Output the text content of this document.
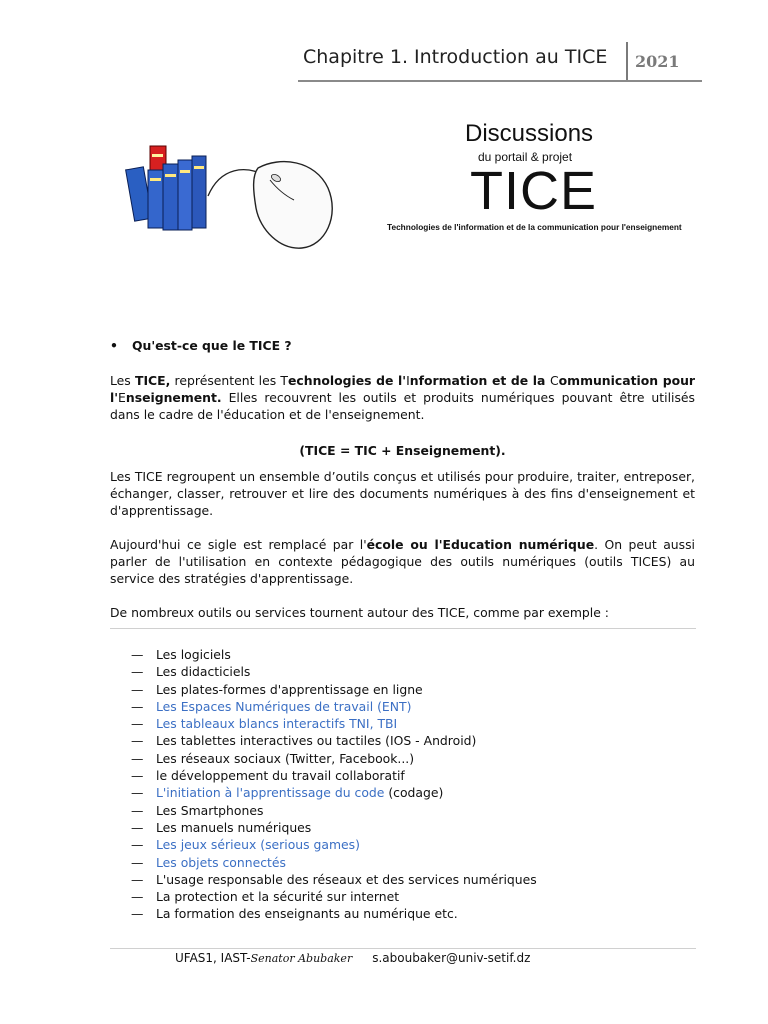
Chapitre 1. Introduction au TICE 2021
Discussions
du portail & projet
TICE
Technologies de l'information et de la communication pour l'enseignement
• Qu'est-ce que le TICE ?
Les TICE, représentent les Technologies de l'Information et de la Communication pour l'Enseignement. Elles recouvrent les outils et produits numériques pouvant être utilisés dans le cadre de l'éducation et de l'enseignement.
(TICE = TIC + Enseignement).
Les TICE regroupent un ensemble d’outils conçus et utilisés pour produire, traiter, entreposer, échanger, classer, retrouver et lire des documents numériques à des fins d'enseignement et d'apprentissage.
Aujourd'hui ce sigle est remplacé par l'école ou l'Education numérique. On peut aussi parler de l'utilisation en contexte pédagogique des outils numériques (outils TICES) au service des stratégies d'apprentissage.
De nombreux outils ou services tournent autour des TICE, comme par exemple :
— Les logiciels
— Les didacticiels
— Les plates-formes d'apprentissage en ligne
— Les Espaces Numériques de travail (ENT)
— Les tableaux blancs interactifs TNI, TBI
— Les tablettes interactives ou tactiles (IOS - Android)
— Les réseaux sociaux (Twitter, Facebook...)
— le développement du travail collaboratif
— L'initiation à l'apprentissage du code (codage)
— Les Smartphones
— Les manuels numériques
— Les jeux sérieux (serious games)
— Les objets connectés
— L'usage responsable des réseaux et des services numériques
— La protection et la sécurité sur internet
— La formation des enseignants au numérique etc.
UFAS1, IAST-Senator Abubaker s.aboubaker@univ-setif.dz
